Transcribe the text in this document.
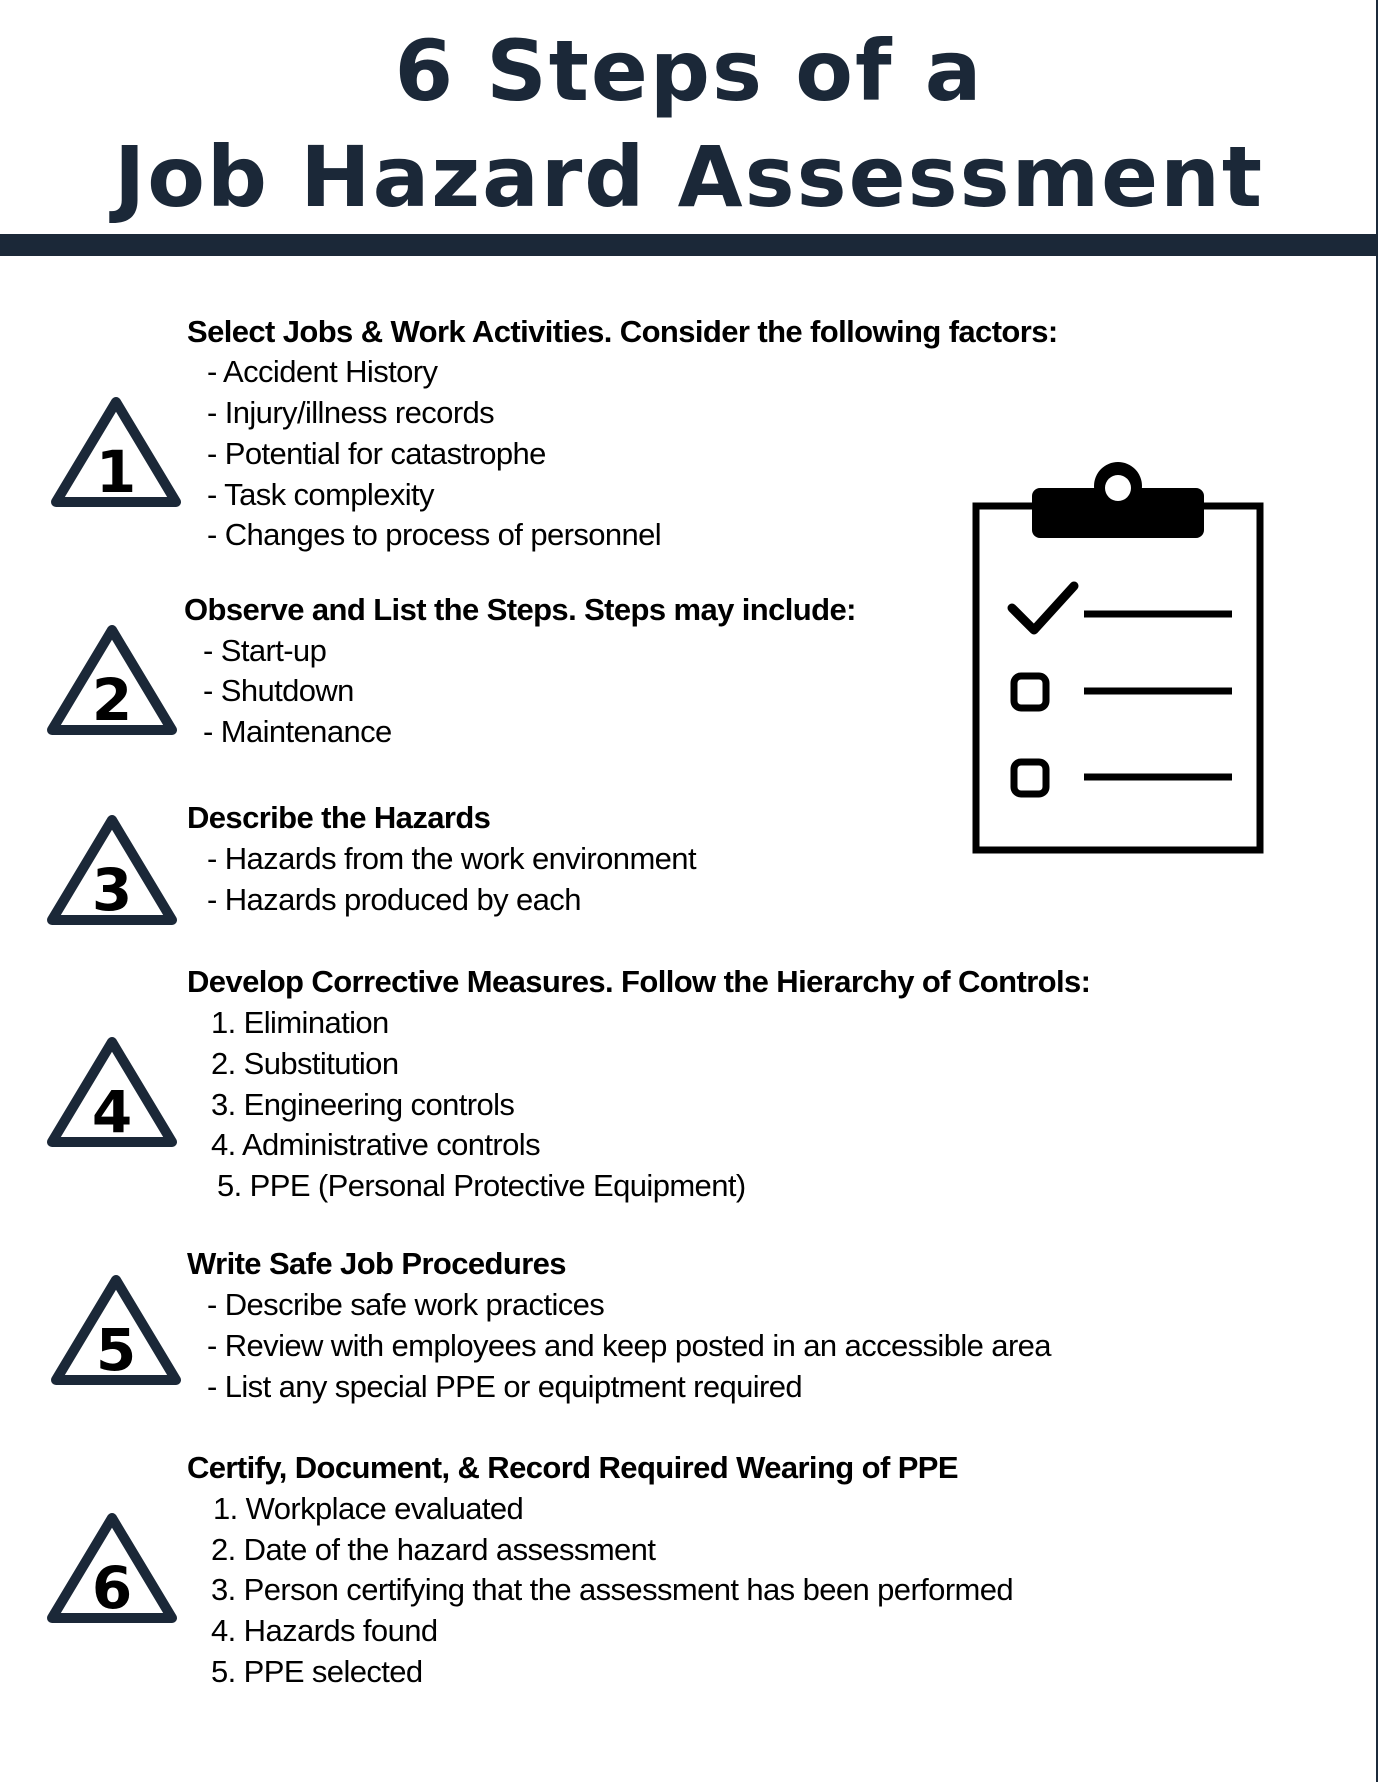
6 Steps of a
Job Hazard Assessment
1

Select Jobs & Work Activities. Consider the following factors:

- Accident History
- Injury/illness records
- Potential for catastrophe
- Task complexity
- Changes to process of personnel
2

Observe and List the Steps. Steps may include:

- Start-up
- Shutdown
- Maintenance
3

Describe the Hazards

- Hazards from the work environment
- Hazards produced by each
4

Develop Corrective Measures. Follow the Hierarchy of Controls:

1. Elimination
2. Substitution
3. Engineering controls
4. Administrative controls
5. PPE (Personal Protective Equipment)
5

Write Safe Job Procedures

- Describe safe work practices
- Review with employees and keep posted in an accessible area
- List any special PPE or equiptment required
6

Certify, Document, & Record Required Wearing of PPE

1. Workplace evaluated
2. Date of the hazard assessment
3. Person certifying that the assessment has been performed
4. Hazards found
5. PPE selected
